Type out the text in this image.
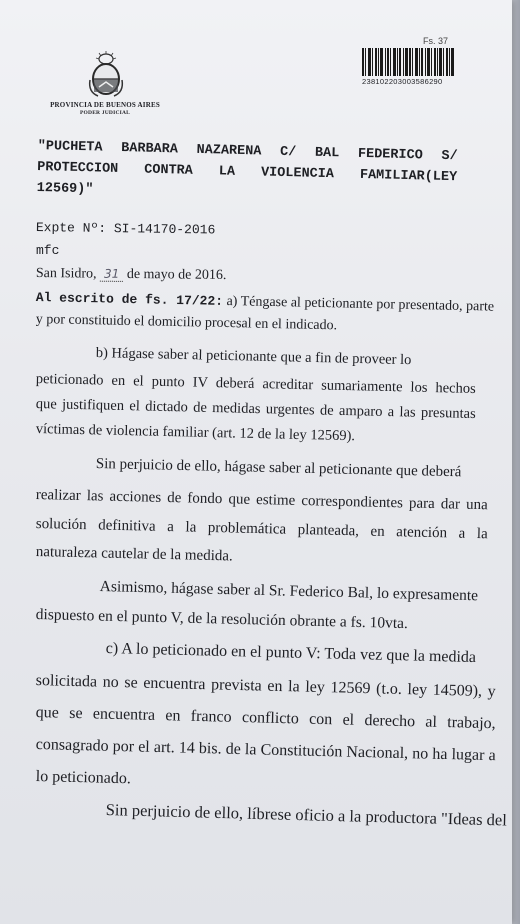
PROVINCIA DE BUENOS AIRES
PODER JUDICIAL
Fs. 37
238102203003586290
"PUCHETA BARBARA NAZARENA C/ BAL FEDERICO S/
PROTECCION CONTRA LA VIOLENCIA FAMILIAR(LEY
12569)"
Expte Nº: SI-14170-2016
mfc
San Isidro, 31 de mayo de 2016.
Al escrito de fs. 17/22: a) Téngase al peticionante por presentado, parte
y por constituido el domicilio procesal en el indicado.
b) Hágase saber al peticionante que a fin de proveer lo
peticionado en el punto IV deberá acreditar sumariamente los hechos
que justifiquen el dictado de medidas urgentes de amparo a las presuntas
víctimas de violencia familiar (art. 12 de la ley 12569).
Sin perjuicio de ello, hágase saber al peticionante que deberá
realizar las acciones de fondo que estime correspondientes para dar una
solución definitiva a la problemática planteada, en atención a la
naturaleza cautelar de la medida.
Asimismo, hágase saber al Sr. Federico Bal, lo expresamente
dispuesto en el punto V, de la resolución obrante a fs. 10vta.
c) A lo peticionado en el punto V: Toda vez que la medida
solicitada no se encuentra prevista en la ley 12569 (t.o. ley 14509), y
que se encuentra en franco conflicto con el derecho al trabajo,
consagrado por el art. 14 bis. de la Constitución Nacional, no ha lugar a
lo peticionado.
Sin perjuicio de ello, líbrese oficio a la productora "Ideas del
